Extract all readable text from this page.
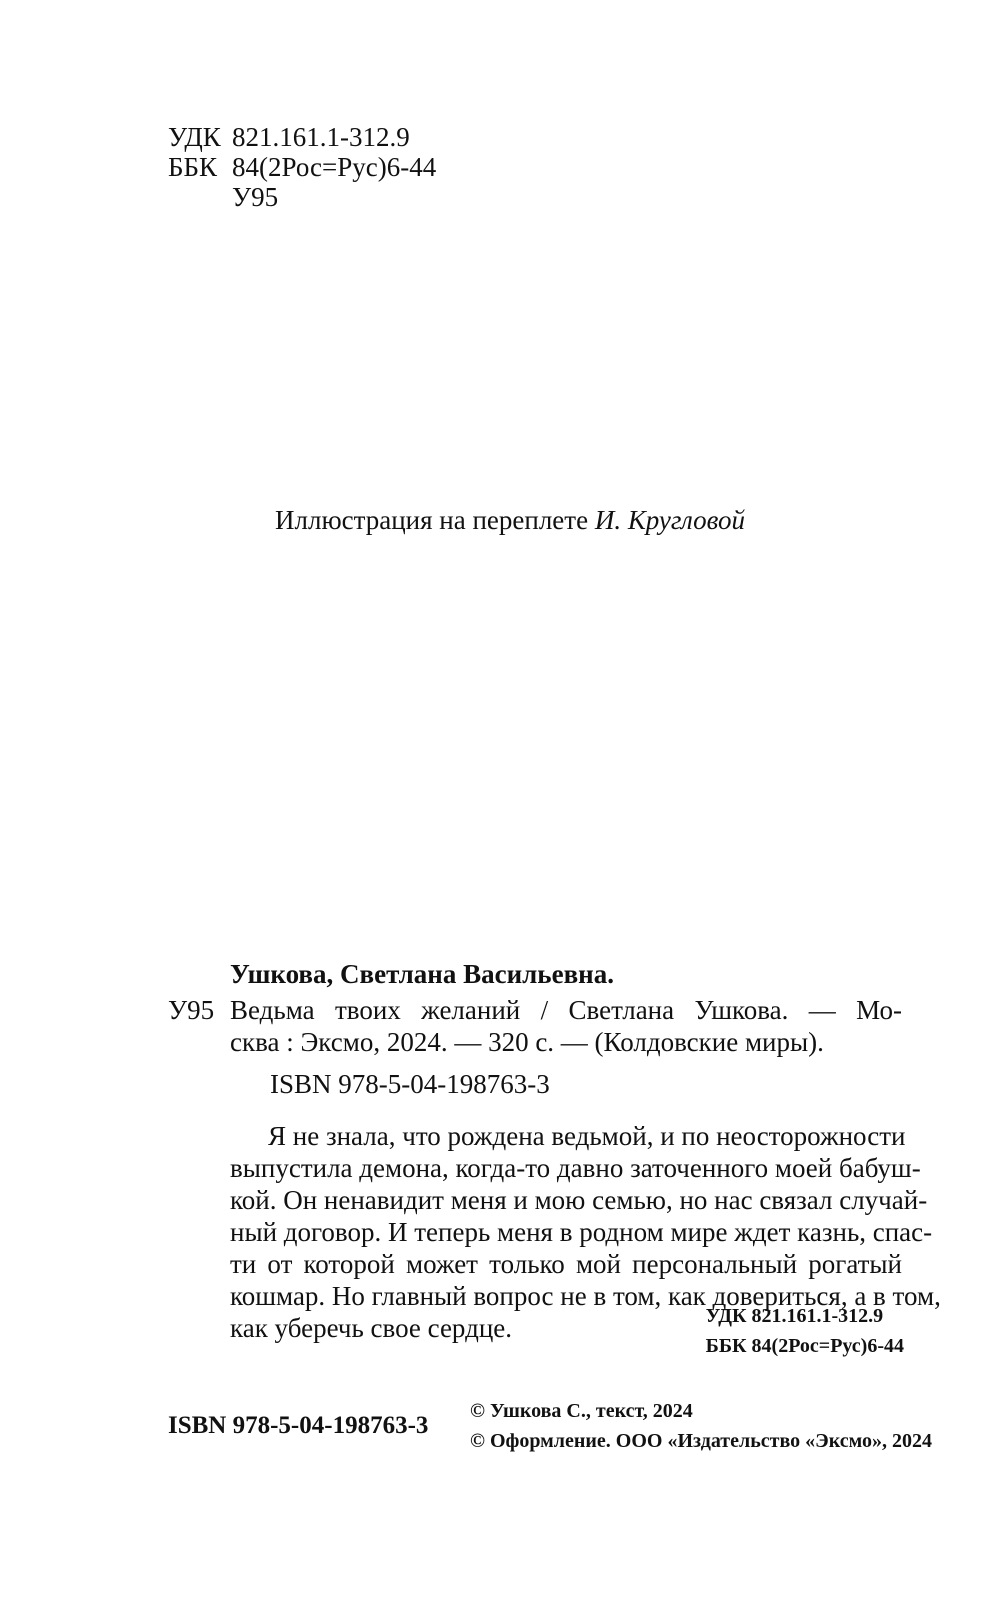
УДК 821.161.1-312.9
ББК 84(2Рос=Рус)6-44
У95
Иллюстрация на переплете И. Кругловой
Ушкова, Светлана Васильевна.
У95 Ведьма твоих желаний / Светлана Ушкова. — Мо-
сква : Эксмо, 2024. — 320 с. — (Колдовские миры).
ISBN 978-5-04-198763-3
Я не знала, что рождена ведьмой, и по неосторожности
выпустила демона, когда-то давно заточенного моей бабуш-
кой. Он ненавидит меня и мою семью, но нас связал случай-
ный договор. И теперь меня в родном мире ждет казнь, спас-
ти от которой может только мой персональный рогатый
кошмар. Но главный вопрос не в том, как довериться, а в том,
как уберечь свое сердце.	УДК 821.161.1-312.9
ББК 84(2Рос=Рус)6-44
ISBN 978-5-04-198763-3
© Ушкова С., текст, 2024
© Оформление. ООО «Издательство «Эксмо», 2024
